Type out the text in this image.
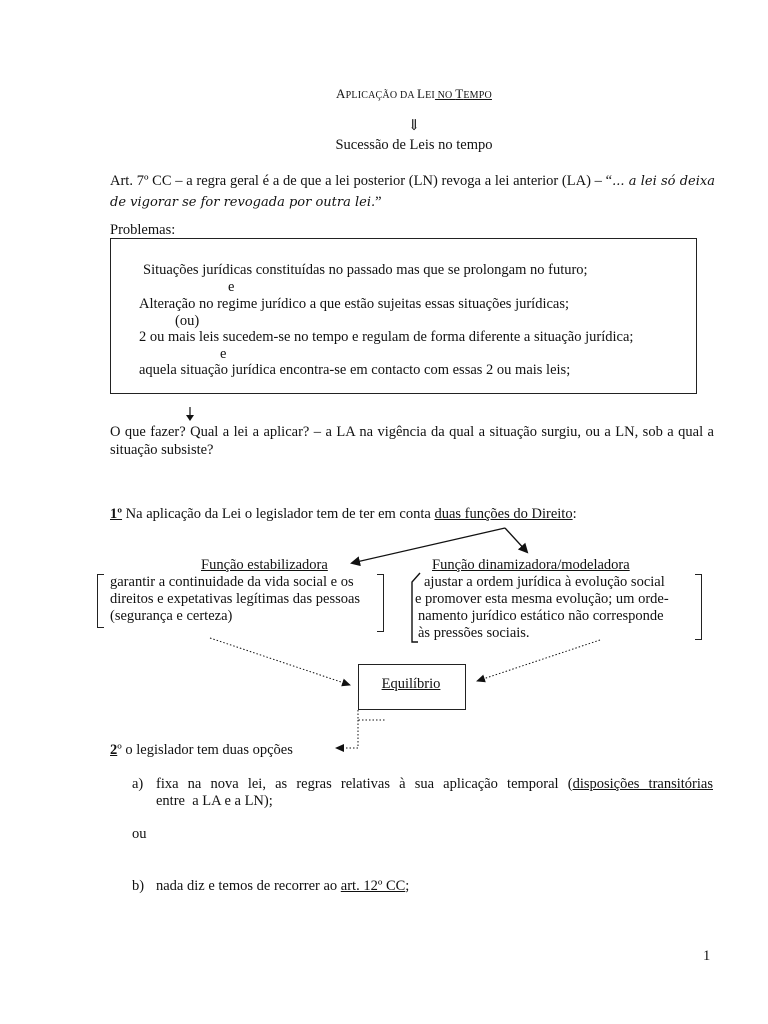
APLICAÇÃO DA LEI NO TEMPO
⇓
Sucessão de Leis no tempo
Art. 7º CC – a regra geral é a de que a lei posterior (LN) revoga a lei anterior (LA) – “... a lei só deixa de vigorar se for revogada por outra lei.”
Problemas:
Situações jurídicas constituídas no passado mas que se prolongam no futuro;
e
Alteração no regime jurídico a que estão sujeitas essas situações jurídicas;
(ou)
2 ou mais leis sucedem-se no tempo e regulam de forma diferente a situação jurídica;
e
aquela situação jurídica encontra-se em contacto com essas 2 ou mais leis;
O que fazer? Qual a lei a aplicar? – a LA na vigência da qual a situação surgiu, ou a LN, sob a qual a situação subsiste?
1º Na aplicação da Lei o legislador tem de ter em conta duas funções do Direito:
Função estabilizadora	Função dinamizadora/modeladora
garantir a continuidade da vida social e os
direitos e expetativas legítimas das pessoas
(segurança e certeza)
ajustar a ordem jurídica à evolução social
e promover esta mesma evolução; um orde-
namento jurídico estático não corresponde
às pressões sociais.
Equilíbrio
2º o legislador tem duas opções
a) fixa na nova lei, as regras relativas à sua aplicação temporal (disposições transitórias
entre  a LA e a LN);
ou
b) nada diz e temos de recorrer ao art. 12º CC;
1
